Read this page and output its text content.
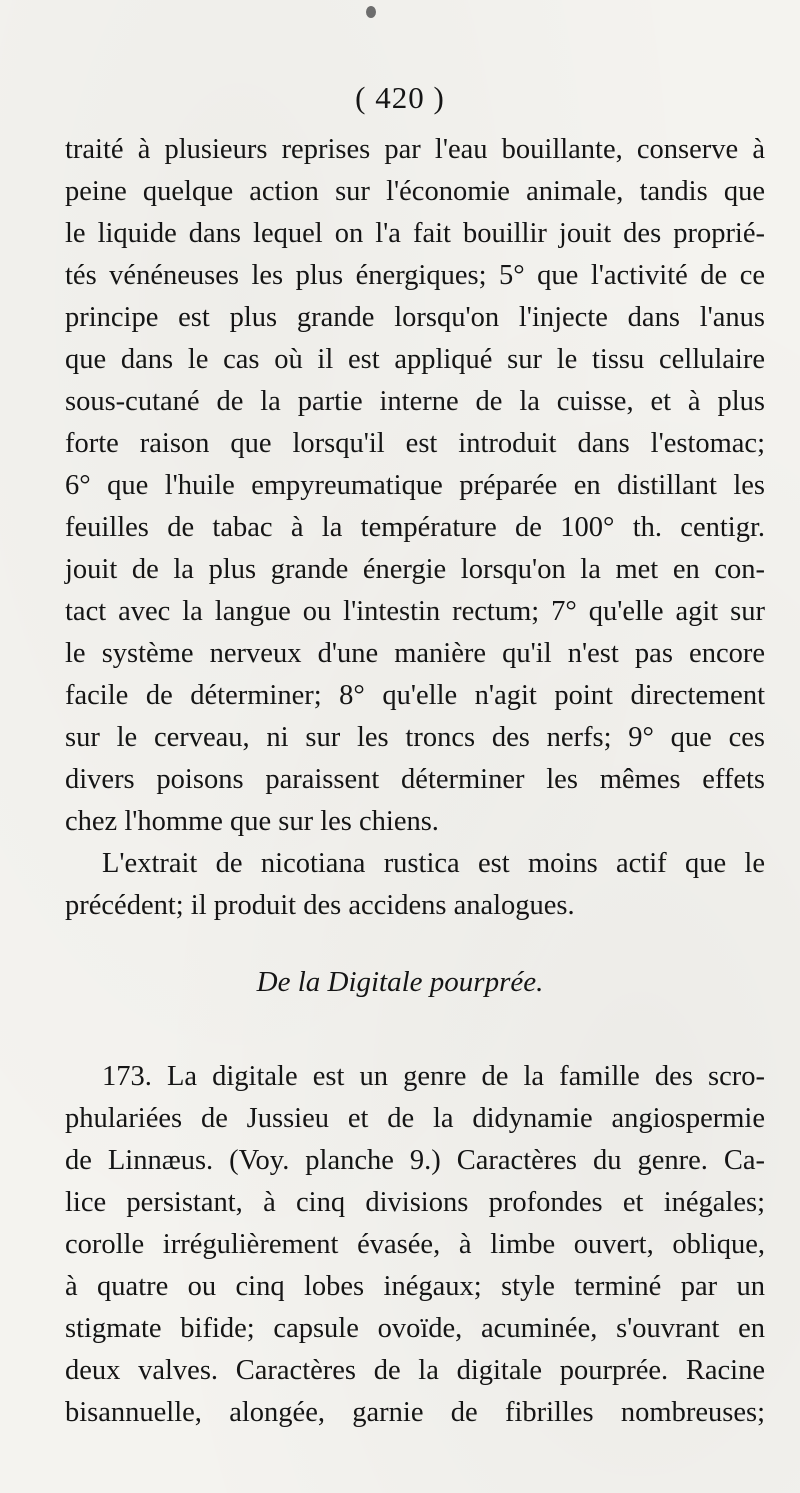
( 420 )
traité à plusieurs reprises par l'eau bouillante, conserve à
peine quelque action sur l'économie animale, tandis que
le liquide dans lequel on l'a fait bouillir jouit des proprié-
tés vénéneuses les plus énergiques; 5° que l'activité de ce
principe est plus grande lorsqu'on l'injecte dans l'anus
que dans le cas où il est appliqué sur le tissu cellulaire
sous-cutané de la partie interne de la cuisse, et à plus
forte raison que lorsqu'il est introduit dans l'estomac;
6° que l'huile empyreumatique préparée en distillant les
feuilles de tabac à la température de 100° th. centigr.
jouit de la plus grande énergie lorsqu'on la met en con-
tact avec la langue ou l'intestin rectum; 7° qu'elle agit sur
le système nerveux d'une manière qu'il n'est pas encore
facile de déterminer; 8° qu'elle n'agit point directement
sur le cerveau, ni sur les troncs des nerfs; 9° que ces
divers poisons paraissent déterminer les mêmes effets
chez l'homme que sur les chiens.
L'extrait de nicotiana rustica est moins actif que le
précédent; il produit des accidens analogues.
De la Digitale pourprée.
173. La digitale est un genre de la famille des scro-
phulariées de Jussieu et de la didynamie angiospermie
de Linnæus. (Voy. planche 9.) Caractères du genre. Ca-
lice persistant, à cinq divisions profondes et inégales;
corolle irrégulièrement évasée, à limbe ouvert, oblique,
à quatre ou cinq lobes inégaux; style terminé par un
stigmate bifide; capsule ovoïde, acuminée, s'ouvrant en
deux valves. Caractères de la digitale pourprée. Racine
bisannuelle, alongée, garnie de fibrilles nombreuses;
